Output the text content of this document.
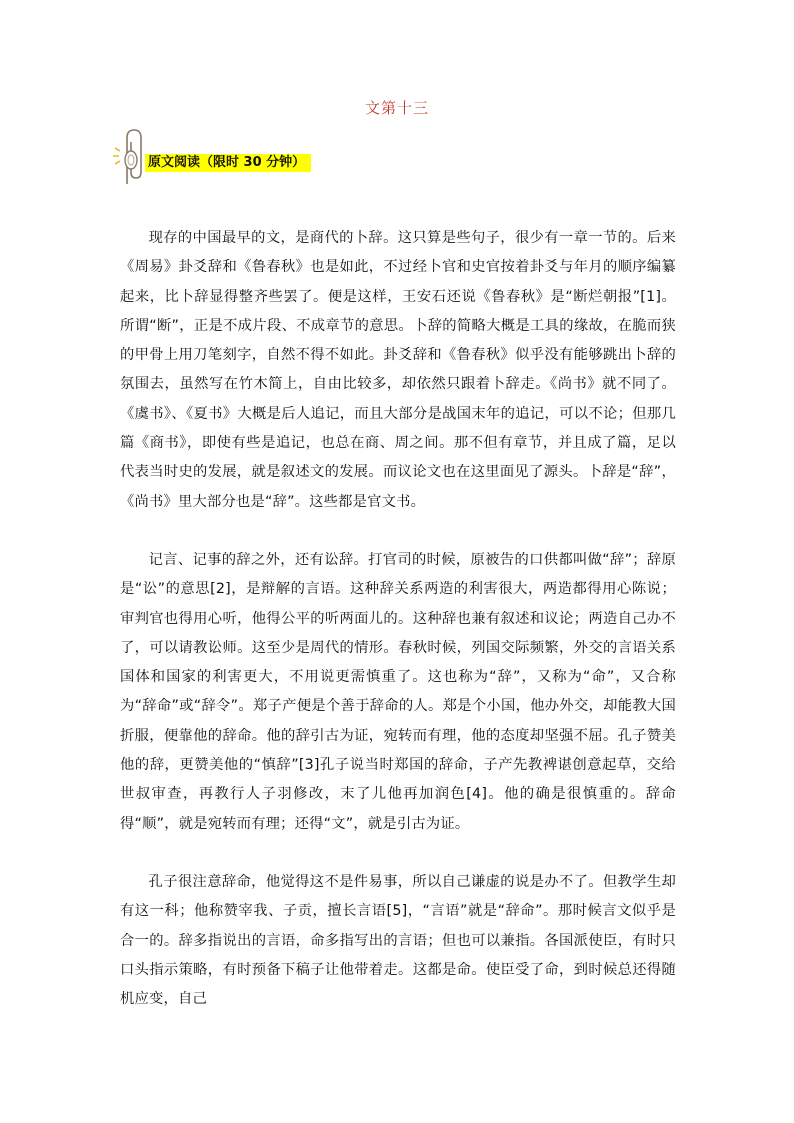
文第十三
原文阅读（限时 30 分钟）

现存的中国最早的文，是商代的卜辞。这只算是些句子，很少有一章一节的。后来《周易》卦爻辞和《鲁春秋》也是如此，不过经卜官和史官按着卦爻与年月的顺序编纂起来，比卜辞显得整齐些罢了。便是这样，王安石还说《鲁春秋》是“断烂朝报”[1]。所谓“断”，正是不成片段、不成章节的意思。卜辞的简略大概是工具的缘故，在脆而狭的甲骨上用刀笔刻字，自然不得不如此。卦爻辞和《鲁春秋》似乎没有能够跳出卜辞的氛围去，虽然写在竹木简上，自由比较多，却依然只跟着卜辞走。《尚书》就不同了。《虞书》、《夏书》大概是后人追记，而且大部分是战国末年的追记，可以不论；但那几篇《商书》，即使有些是追记，也总在商、周之间。那不但有章节，并且成了篇，足以代表当时史的发展，就是叙述文的发展。而议论文也在这里面见了源头。卜辞是“辞”，《尚书》里大部分也是“辞”。这些都是官文书。

记言、记事的辞之外，还有讼辞。打官司的时候，原被告的口供都叫做“辞”；辞原是“讼”的意思[2]，是辩解的言语。这种辞关系两造的利害很大，两造都得用心陈说；审判官也得用心听，他得公平的听两面儿的。这种辞也兼有叙述和议论；两造自己办不了，可以请教讼师。这至少是周代的情形。春秋时候，列国交际频繁，外交的言语关系国体和国家的利害更大，不用说更需慎重了。这也称为“辞”，又称为“命”，又合称为“辞命”或“辞令”。郑子产便是个善于辞命的人。郑是个小国，他办外交，却能教大国折服，便靠他的辞命。他的辞引古为证，宛转而有理，他的态度却坚强不屈。孔子赞美他的辞，更赞美他的“慎辞”[3]孔子说当时郑国的辞命，子产先教裨谌创意起草，交给世叔审查，再教行人子羽修改，末了儿他再加润色[4]。他的确是很慎重的。辞命得“顺”，就是宛转而有理；还得“文”，就是引古为证。

孔子很注意辞命，他觉得这不是件易事，所以自己谦虚的说是办不了。但教学生却有这一科；他称赞宰我、子贡，擅长言语[5]，“言语”就是“辞命”。那时候言文似乎是合一的。辞多指说出的言语，命多指写出的言语；但也可以兼指。各国派使臣，有时只口头指示策略，有时预备下稿子让他带着走。这都是命。使臣受了命，到时候总还得随机应变，自己
